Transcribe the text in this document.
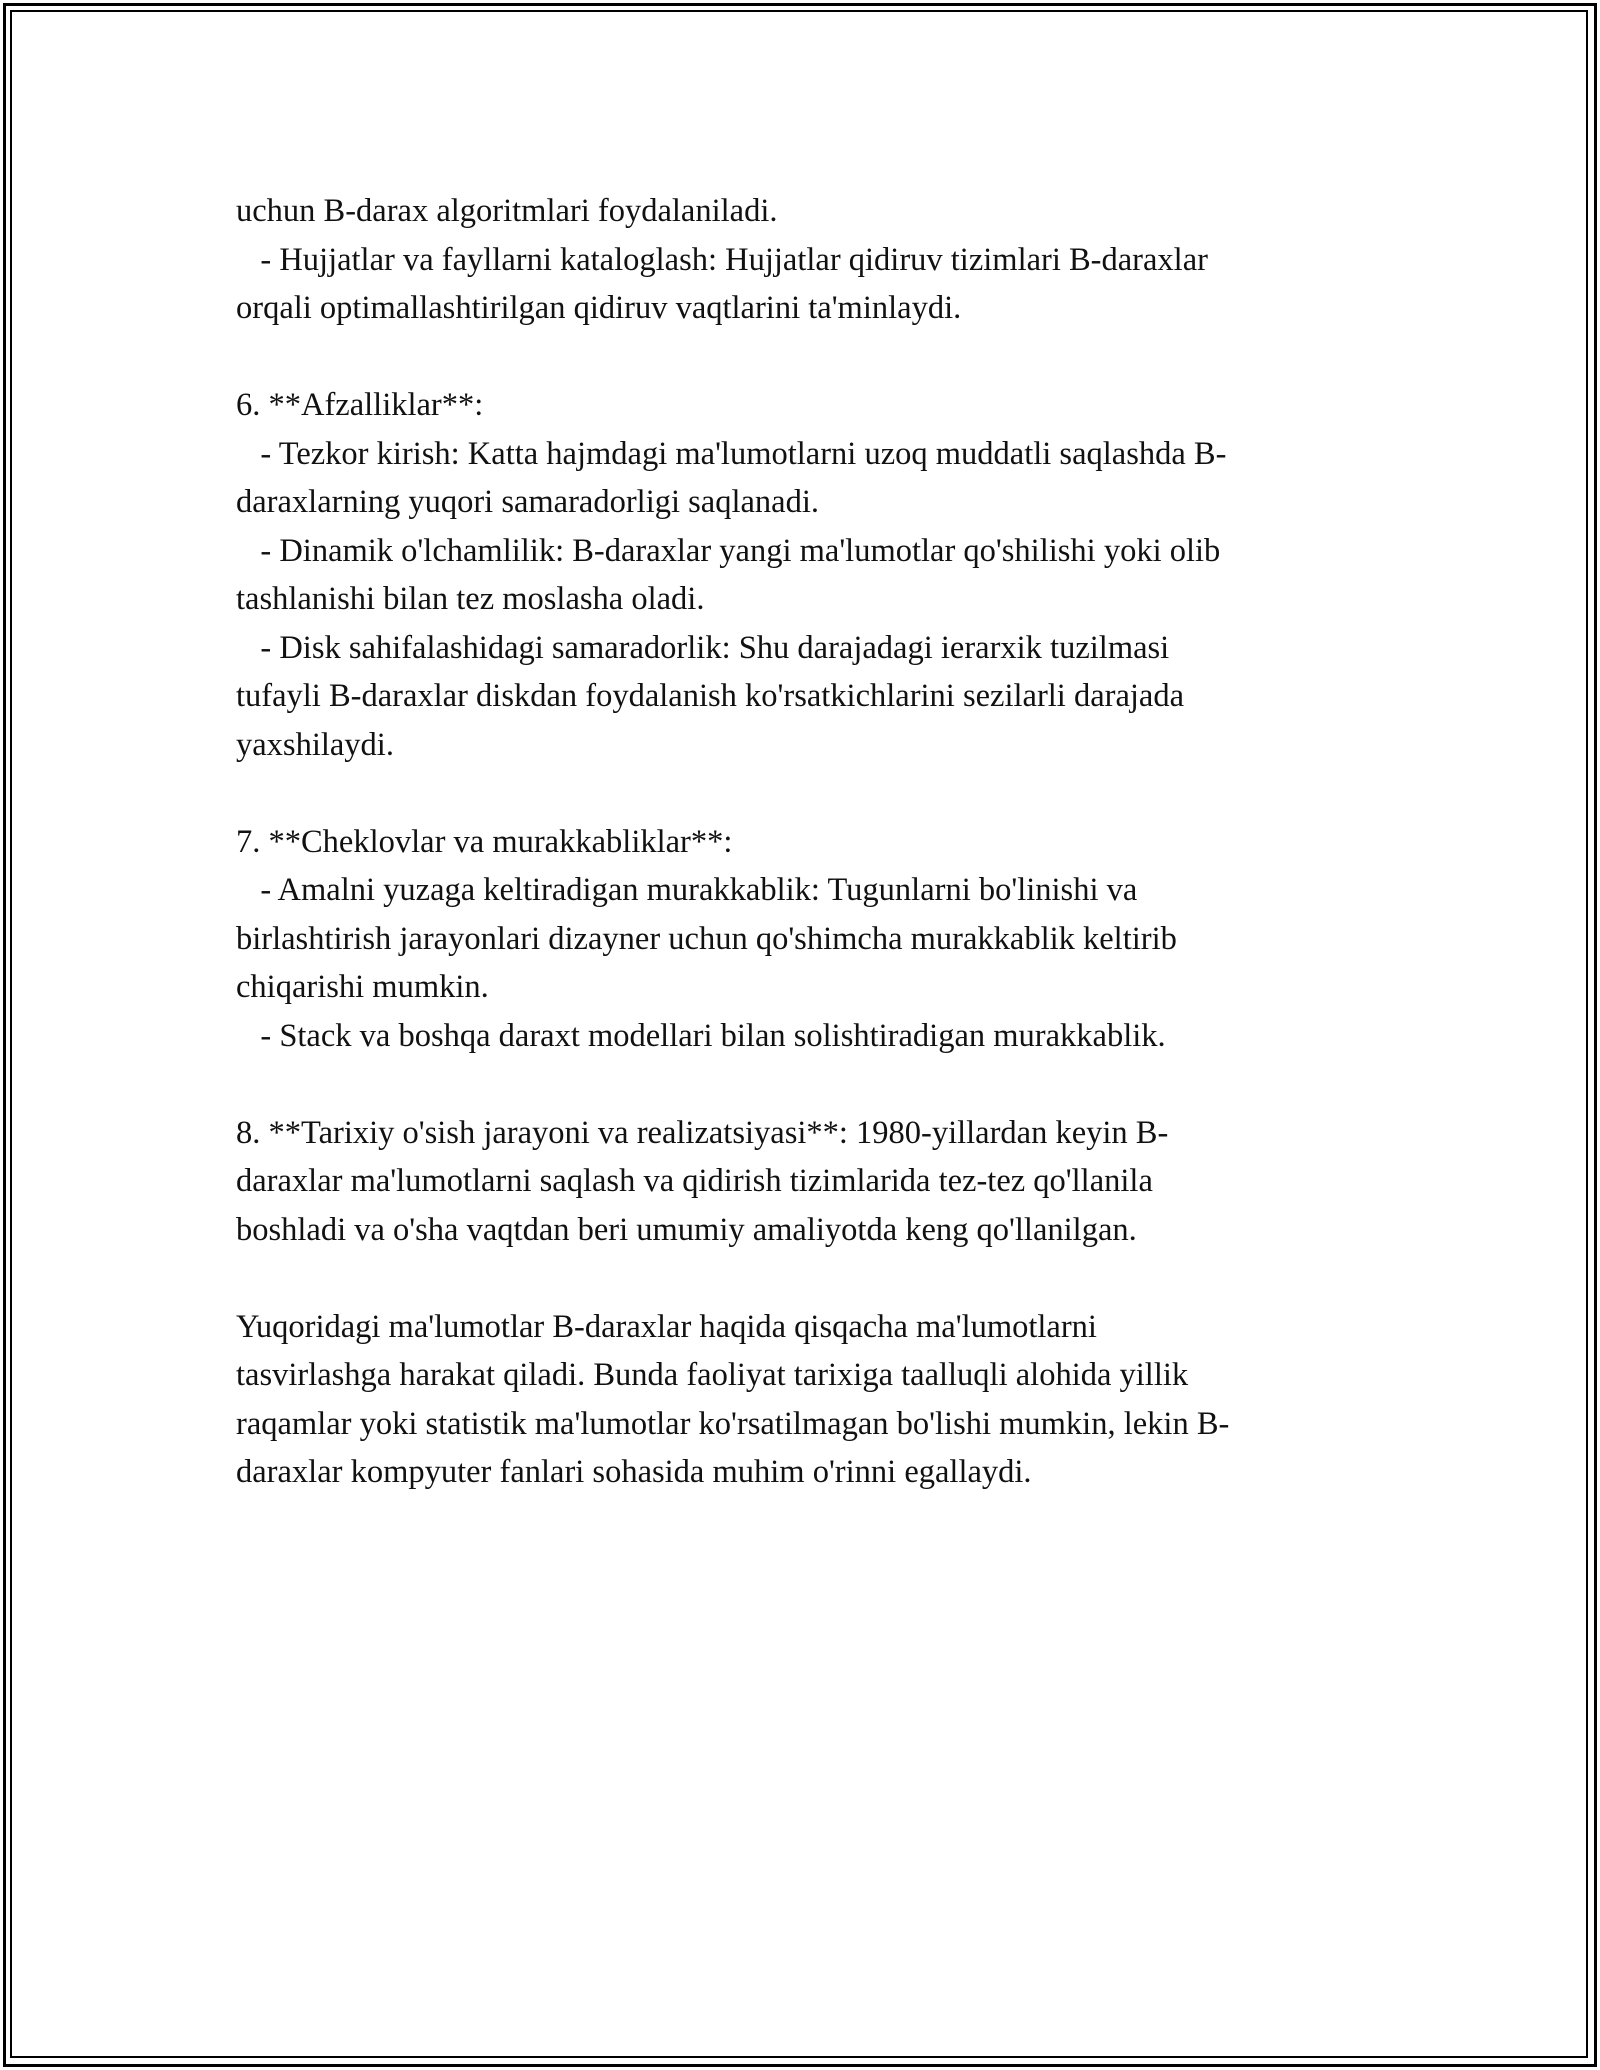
uchun B-darax algoritmlari foydalaniladi.
- Hujjatlar va fayllarni kataloglash: Hujjatlar qidiruv tizimlari B-daraxlar
orqali optimallashtirilgan qidiruv vaqtlarini ta'minlaydi.
6. **Afzalliklar**:
- Tezkor kirish: Katta hajmdagi ma'lumotlarni uzoq muddatli saqlashda B-
daraxlarning yuqori samaradorligi saqlanadi.
- Dinamik o'lchamlilik: B-daraxlar yangi ma'lumotlar qo'shilishi yoki olib
tashlanishi bilan tez moslasha oladi.
- Disk sahifalashidagi samaradorlik: Shu darajadagi ierarxik tuzilmasi
tufayli B-daraxlar diskdan foydalanish ko'rsatkichlarini sezilarli darajada
yaxshilaydi.
7. **Cheklovlar va murakkabliklar**:
- Amalni yuzaga keltiradigan murakkablik: Tugunlarni bo'linishi va
birlashtirish jarayonlari dizayner uchun qo'shimcha murakkablik keltirib
chiqarishi mumkin.
- Stack va boshqa daraxt modellari bilan solishtiradigan murakkablik.
8. **Tarixiy o'sish jarayoni va realizatsiyasi**: 1980-yillardan keyin B-
daraxlar ma'lumotlarni saqlash va qidirish tizimlarida tez-tez qo'llanila
boshladi va o'sha vaqtdan beri umumiy amaliyotda keng qo'llanilgan.
Yuqoridagi ma'lumotlar B-daraxlar haqida qisqacha ma'lumotlarni
tasvirlashga harakat qiladi. Bunda faoliyat tarixiga taalluqli alohida yillik
raqamlar yoki statistik ma'lumotlar ko'rsatilmagan bo'lishi mumkin, lekin B-
daraxlar kompyuter fanlari sohasida muhim o'rinni egallaydi.
